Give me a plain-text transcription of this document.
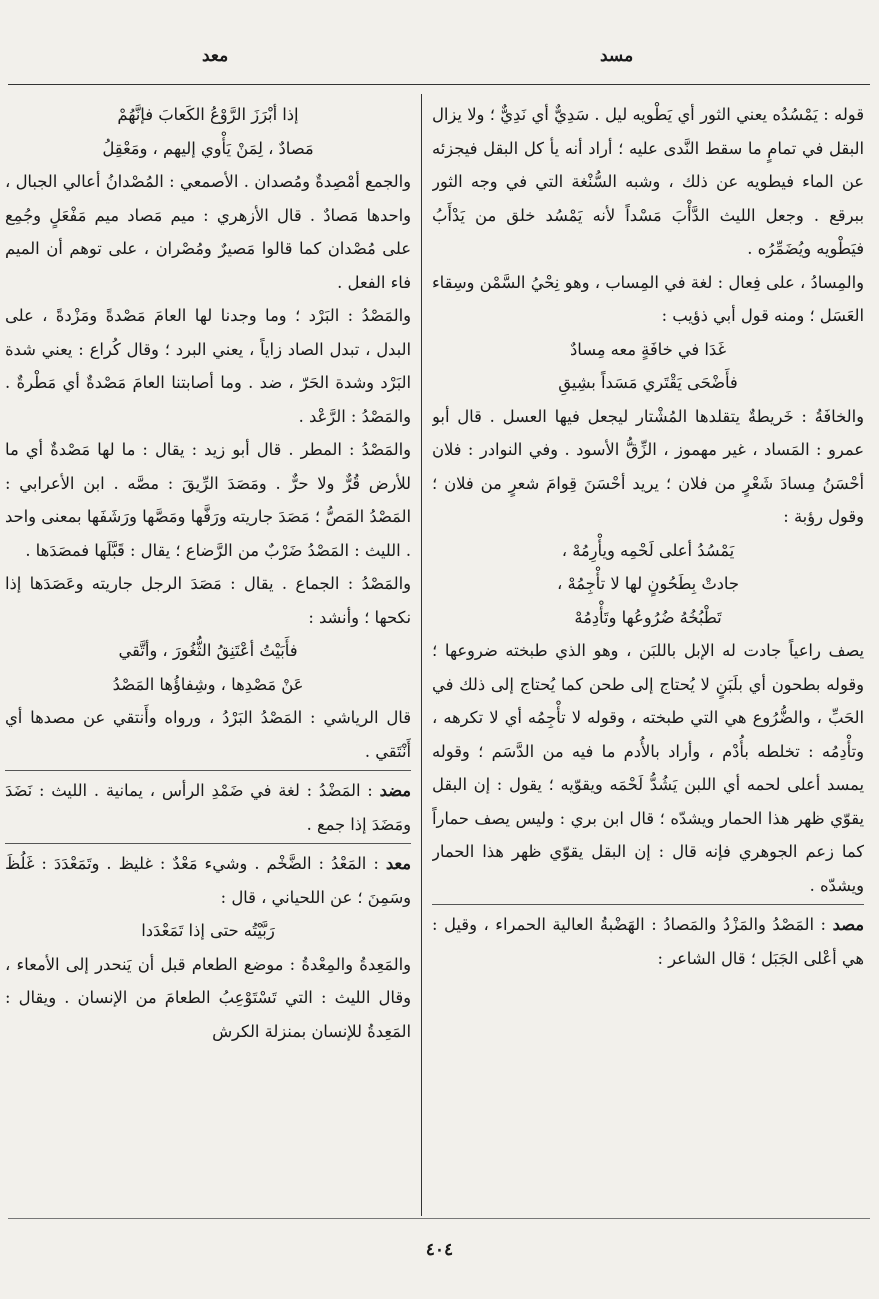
مسد
معد

قوله : يَمْسُدُه يعني الثور أي يَطْويه ليل . سَدِيٌّ أي نَدِيٌّ ؛ ولا يزال البقل في تمامٍ ما سقط النَّدى عليه ؛ أراد أنه يأ كل البقل فيجزئه عن الماء فيطويه عن ذلك ، وشبه السُّنْغة التي في وجه الثور ببرقع . وجعل الليث الدَّأْبَ مَسْداً لأنه يَمْسُد خلق من يَدْأَبُ فيَطْويه ويُضَمِّرُه .

والمِسادُ ، على فِعال : لغة في المِساب ، وهو نِحْيُ السَّمْن وسِقاء العَسَل ؛ ومنه قول أبي ذؤيب :

غَدَا في خافَةٍ معه مِسادٌ

فأَضْحَى يَقْتَري مَسَداً بشِيقِ

والخافَةُ : خَريطةٌ يتقلدها المُشْتار ليجعل فيها العسل . قال أبو عمرو : المَساد ، غير مهموز ، الزِّقُّ الأسود . وفي النوادر : فلان أحْسَنُ مِسادَ شَعْرٍ من فلان ؛ يريد أحْسَنَ قِوامَ شعرٍ من فلان ؛ وقول رؤبة :

يَمْسُدُ أعلى لَحْمِه ويأْرِمُهْ ،

جادتْ بِطَحُونٍ لها لا تأْجِمُهْ ،

تَطْبُخُهُ ضُرُوعُها وتَأْدِمُهْ

يصف راعياً جادت له الإبل باللبَن ، وهو الذي طبخته ضروعها ؛ وقوله بطحون أي بلَبَنٍ لا يُحتاج إلى طحن كما يُحتاج إلى ذلك في الحَبِّ ، والضُّرُوع هي التي طبخته ، وقوله لا تأْجِمُه أي لا تكرهه ، وتأْدِمُه : تخلطه بأُدْم ، وأراد بالأُدم ما فيه من الدَّسَم ؛ وقوله يمسد أعلى لحمه أي اللبن يَشُدُّ لَحْمَه ويقوّيه ؛ يقول : إن البقل يقوّي ظهر هذا الحمار ويشدّه ؛ قال ابن بري : وليس يصف حماراً كما زعم الجوهري فإنه قال : إن البقل يقوّي ظهر هذا الحمار ويشدّه .

مصد : المَصْدُ والمَزْدُ والمَصادُ : الهَضْبةُ العالية الحمراء ، وقيل : هي أعْلى الجَبَل ؛ قال الشاعر :

إذا أبْرَزَ الرَّوْعُ الكَعابَ فإنَّهُمْ

مَصادٌ ، لِمَنْ يَأْوي إليهم ، ومَعْقِلُ

والجمع أمْصِدةٌ ومُصدان . الأصمعي : المُصْدانُ أعالي الجبال ، واحدها مَصادٌ . قال الأزهري : ميم مَصاد ميم مَفْعَلٍ وجُمِع على مُصْدان كما قالوا مَصيرٌ ومُصْران ، على توهم أن الميم فاء الفعل .

والمَصْدُ : البَرْد ؛ وما وجدنا لها العامَ مَصْدةً ومَزْدةً ، على البدل ، تبدل الصاد زاياً ، يعني البرد ؛ وقال كُراع : يعني شدة البَرْد وشدة الحَرّ ، ضد . وما أصابتنا العامَ مَصْدةٌ أي مَطْرةٌ . والمَصْدُ : الرَّعْد .

والمَصْدُ : المطر . قال أبو زيد : يقال : ما لها مَصْدةٌ أي ما للأرض قُرٌّ ولا حرٌّ . ومَصَدَ الرِّيقَ : مصَّه . ابن الأعرابي : المَصْدُ المَصُّ ؛ مَصَدَ جاريته ورَفَّها ومَصَّها ورَشَفَها بمعنى واحد . الليث : المَصْدُ ضَرْبٌ من الرَّضاع ؛ يقال : قَبَّلَها فمصَدَها .

والمَصْدُ : الجماع . يقال : مَصَدَ الرجل جاريته وعَصَدَها إذا نكحها ؛ وأنشد :

فأَبَيْتُ أعْتَنِقُ الثُّغُورَ ، وأتَّقي

عَنْ مَصْدِها ، وشِفاؤُها المَصْدُ

قال الرياشي : المَصْدُ البَرْدُ ، ورواه وأَنتقي عن مصدها أي أَنْتَقي .

مضد : المَضْدُ : لغة في ضَمْدِ الرأس ، يمانية . الليث : نَضَدَ ومَضَدَ إذا جمع .

معد : المَعْدُ : الضَّخْم . وشيء مَعْدٌ : غليظ . وتَمَعْدَدَ : غَلُظَ وسَمِنَ ؛ عن اللحياني ، قال :

رَبَّيْتُه حتى إذا تَمَعْدَدا

والمَعِدةُ والمِعْدةُ : موضع الطعام قبل أن يَنحدر إلى الأمعاء ، وقال الليث : التي تَسْتَوْعِبُ الطعامَ من الإنسان . ويقال : المَعِدةُ للإنسان بمنزلة الكرش

٤٠٤
